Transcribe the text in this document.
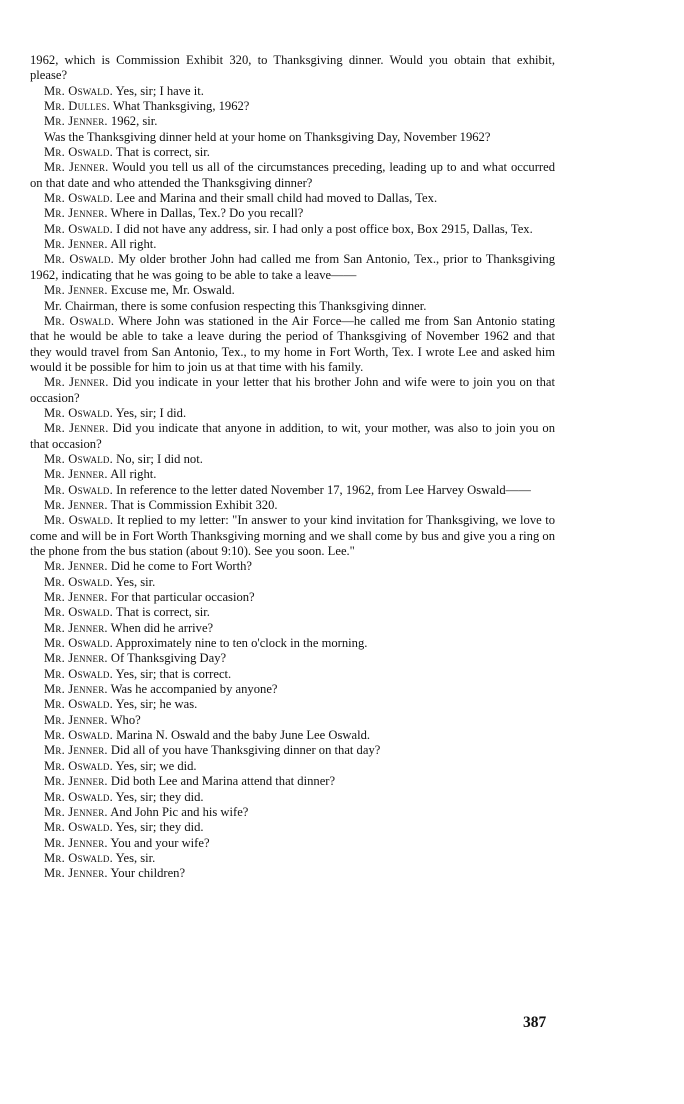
1962, which is Commission Exhibit 320, to Thanksgiving dinner. Would you obtain that exhibit, please?

Mr. Oswald. Yes, sir; I have it.

Mr. Dulles. What Thanksgiving, 1962?

Mr. Jenner. 1962, sir.

Was the Thanksgiving dinner held at your home on Thanksgiving Day, November 1962?

Mr. Oswald. That is correct, sir.

Mr. Jenner. Would you tell us all of the circumstances preceding, leading up to and what occurred on that date and who attended the Thanksgiving dinner?

Mr. Oswald. Lee and Marina and their small child had moved to Dallas, Tex.

Mr. Jenner. Where in Dallas, Tex.? Do you recall?

Mr. Oswald. I did not have any address, sir. I had only a post office box, Box 2915, Dallas, Tex.

Mr. Jenner. All right.

Mr. Oswald. My older brother John had called me from San Antonio, Tex., prior to Thanksgiving 1962, indicating that he was going to be able to take a leave——

Mr. Jenner. Excuse me, Mr. Oswald.

Mr. Chairman, there is some confusion respecting this Thanksgiving dinner.

Mr. Oswald. Where John was stationed in the Air Force—he called me from San Antonio stating that he would be able to take a leave during the period of Thanksgiving of November 1962 and that they would travel from San Antonio, Tex., to my home in Fort Worth, Tex. I wrote Lee and asked him would it be possible for him to join us at that time with his family.

Mr. Jenner. Did you indicate in your letter that his brother John and wife were to join you on that occasion?

Mr. Oswald. Yes, sir; I did.

Mr. Jenner. Did you indicate that anyone in addition, to wit, your mother, was also to join you on that occasion?

Mr. Oswald. No, sir; I did not.

Mr. Jenner. All right.

Mr. Oswald. In reference to the letter dated November 17, 1962, from Lee Harvey Oswald——

Mr. Jenner. That is Commission Exhibit 320.

Mr. Oswald. It replied to my letter: "In answer to your kind invitation for Thanksgiving, we love to come and will be in Fort Worth Thanksgiving morning and we shall come by bus and give you a ring on the phone from the bus station (about 9:10). See you soon. Lee."

Mr. Jenner. Did he come to Fort Worth?

Mr. Oswald. Yes, sir.

Mr. Jenner. For that particular occasion?

Mr. Oswald. That is correct, sir.

Mr. Jenner. When did he arrive?

Mr. Oswald. Approximately nine to ten o'clock in the morning.

Mr. Jenner. Of Thanksgiving Day?

Mr. Oswald. Yes, sir; that is correct.

Mr. Jenner. Was he accompanied by anyone?

Mr. Oswald. Yes, sir; he was.

Mr. Jenner. Who?

Mr. Oswald. Marina N. Oswald and the baby June Lee Oswald.

Mr. Jenner. Did all of you have Thanksgiving dinner on that day?

Mr. Oswald. Yes, sir; we did.

Mr. Jenner. Did both Lee and Marina attend that dinner?

Mr. Oswald. Yes, sir; they did.

Mr. Jenner. And John Pic and his wife?

Mr. Oswald. Yes, sir; they did.

Mr. Jenner. You and your wife?

Mr. Oswald. Yes, sir.

Mr. Jenner. Your children?

387
